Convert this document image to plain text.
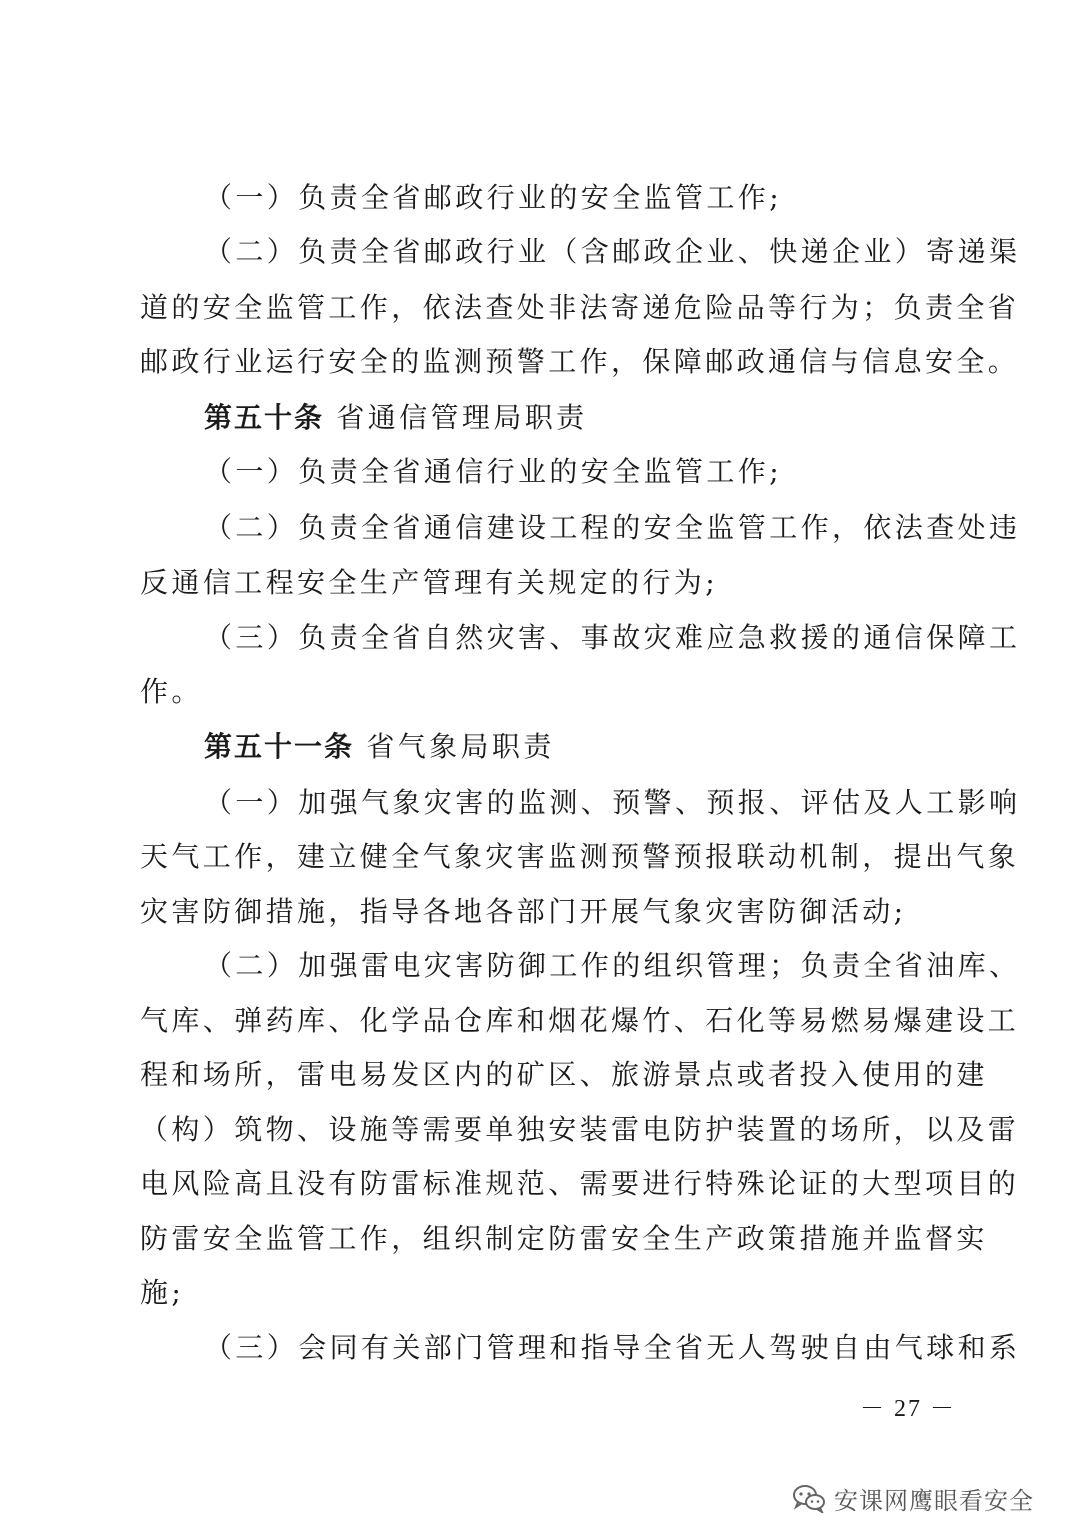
（一）负责全省邮政行业的安全监管工作;
（二）负责全省邮政行业（含邮政企业、快递企业）寄递渠
道的安全监管工作，依法查处非法寄递危险品等行为；负责全省
邮政行业运行安全的监测预警工作，保障邮政通信与信息安全。
第五十条 省通信管理局职责
（一）负责全省通信行业的安全监管工作;
（二）负责全省通信建设工程的安全监管工作，依法查处违
反通信工程安全生产管理有关规定的行为;
（三）负责全省自然灾害、事故灾难应急救援的通信保障工
作。
第五十一条 省气象局职责
（一）加强气象灾害的监测、预警、预报、评估及人工影响
天气工作，建立健全气象灾害监测预警预报联动机制，提出气象
灾害防御措施，指导各地各部门开展气象灾害防御活动;
（二）加强雷电灾害防御工作的组织管理；负责全省油库、
气库、弹药库、化学品仓库和烟花爆竹、石化等易燃易爆建设工
程和场所，雷电易发区内的矿区、旅游景点或者投入使用的建
（构）筑物、设施等需要单独安装雷电防护装置的场所，以及雷
电风险高且没有防雷标准规范、需要进行特殊论证的大型项目的
防雷安全监管工作，组织制定防雷安全生产政策措施并监督实
施;
（三）会同有关部门管理和指导全省无人驾驶自由气球和系
－ 27 －
安课网鹰眼看安全
